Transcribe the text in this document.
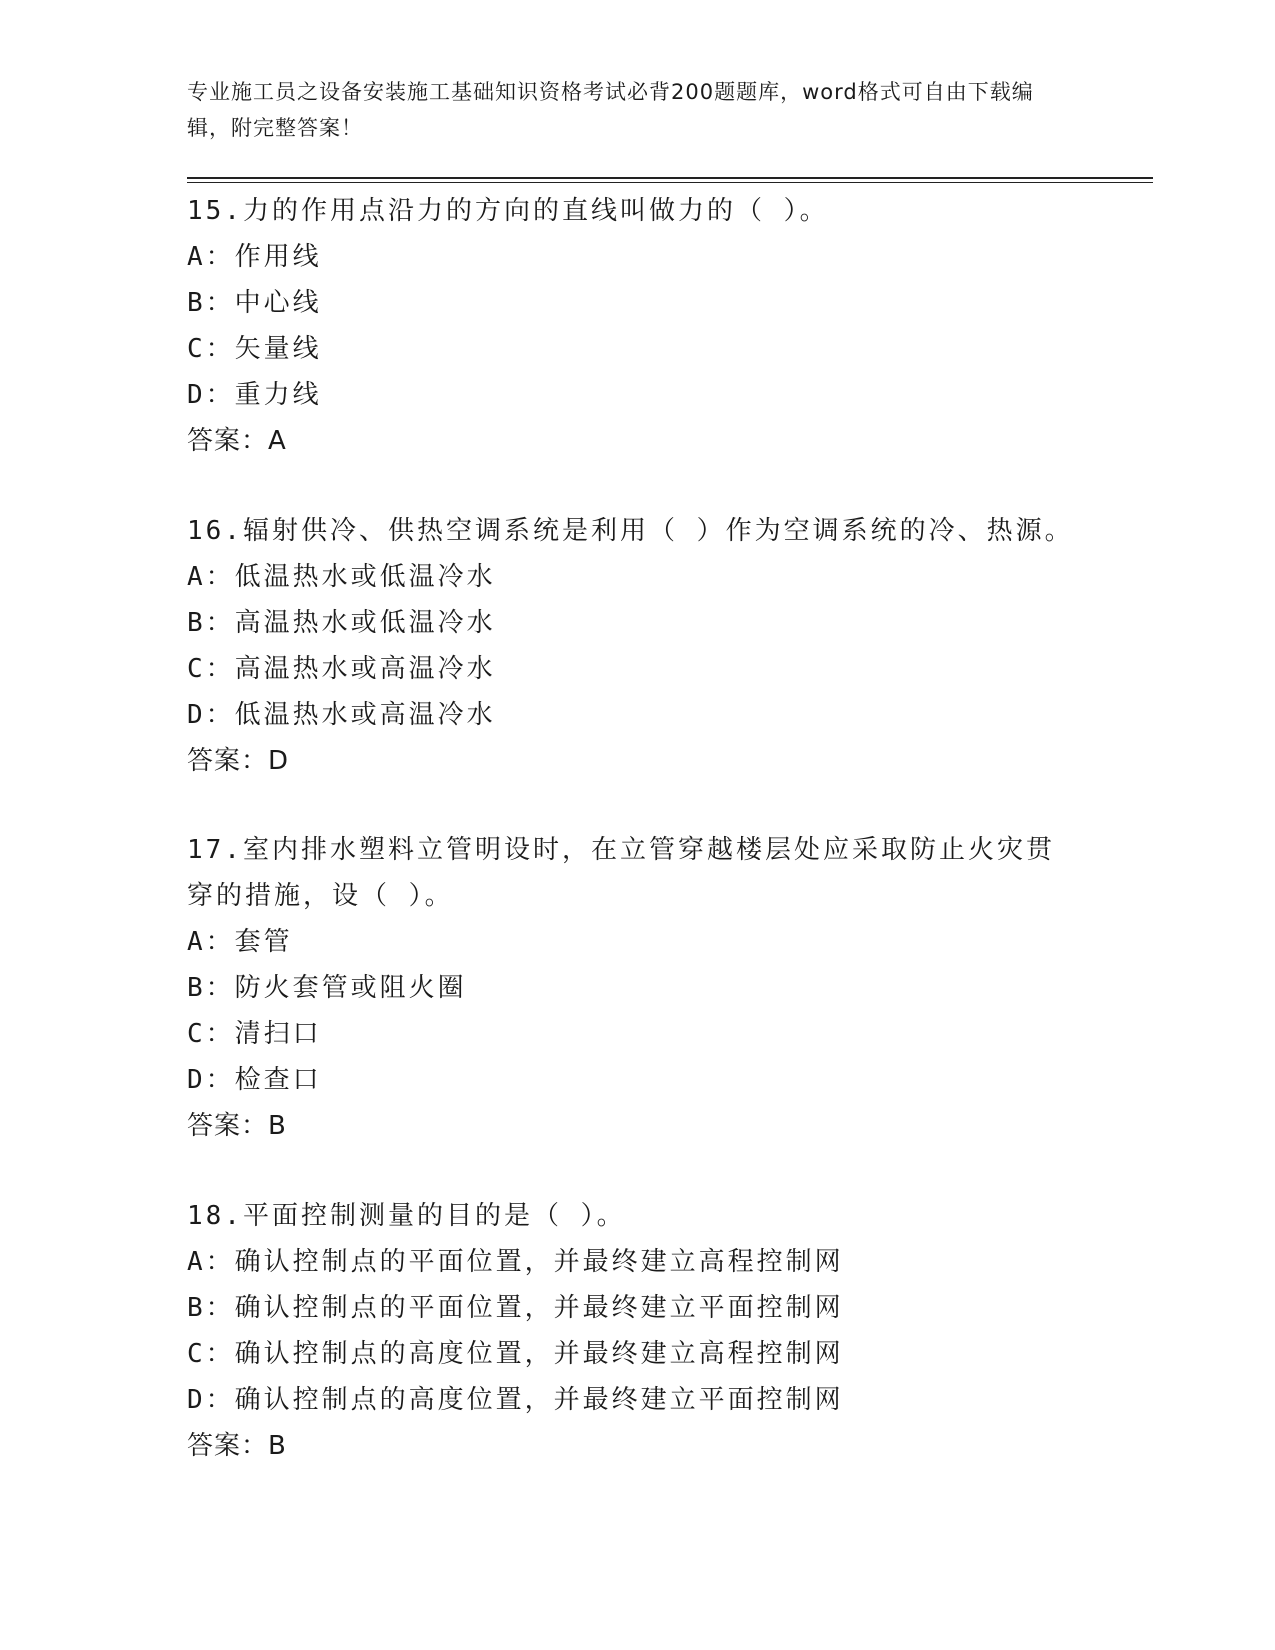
专业施工员之设备安装施工基础知识资格考试必背200题题库，word格式可自由下载编辑，附完整答案！

15.力的作用点沿力的方向的直线叫做力的（ ）。

A：作用线

B：中心线

C：矢量线

D：重力线

答案：A

16.辐射供冷、供热空调系统是利用（ ）作为空调系统的冷、热源。

A：低温热水或低温冷水

B：高温热水或低温冷水

C：高温热水或高温冷水

D：低温热水或高温冷水

答案：D

17.室内排水塑料立管明设时，在立管穿越楼层处应采取防止火灾贯穿的措施，设（ ）。

A：套管

B：防火套管或阻火圈

C：清扫口

D：检查口

答案：B

18.平面控制测量的目的是（ ）。

A：确认控制点的平面位置，并最终建立高程控制网

B：确认控制点的平面位置，并最终建立平面控制网

C：确认控制点的高度位置，并最终建立高程控制网

D：确认控制点的高度位置，并最终建立平面控制网

答案：B
